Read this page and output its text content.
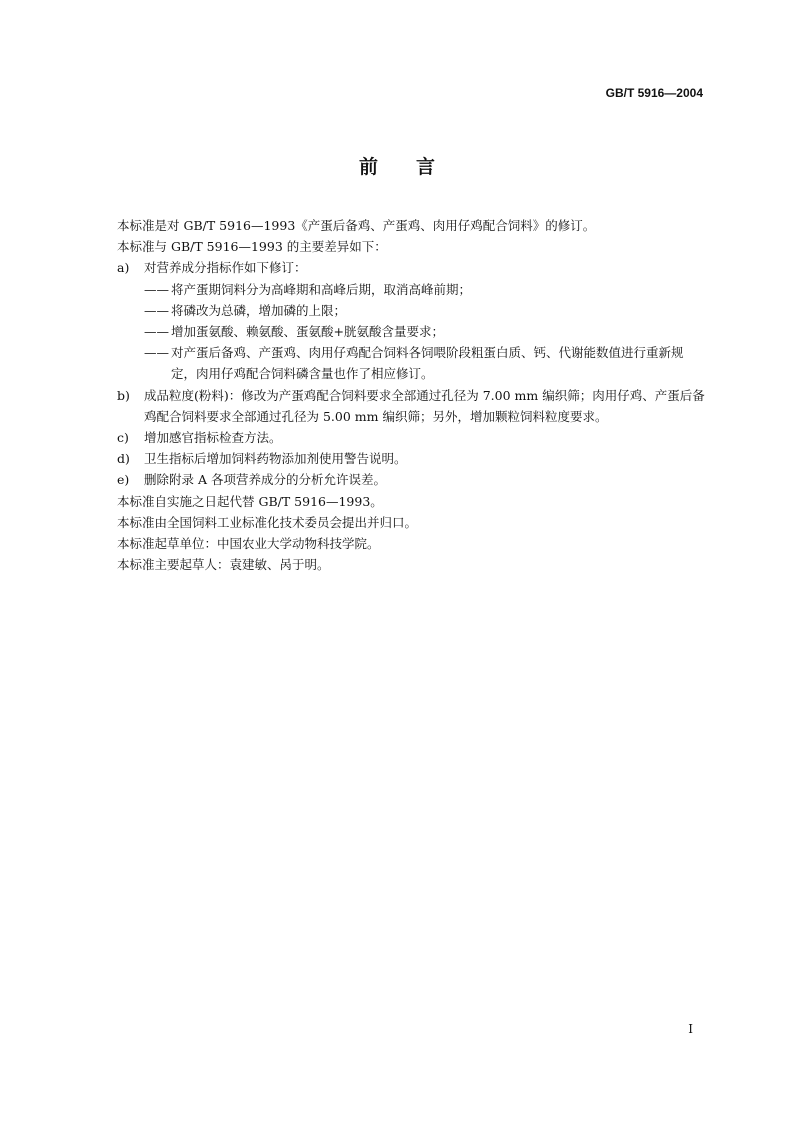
GB/T 5916—2004
前言

本标准是对 GB/T 5916—1993《产蛋后备鸡、产蛋鸡、肉用仔鸡配合饲料》的修订。

本标准与 GB/T 5916—1993 的主要差异如下：

a) 对营养成分指标作如下修订：
—— 将产蛋期饲料分为高峰期和高峰后期，取消高峰前期；
—— 将磷改为总磷，增加磷的上限；
—— 增加蛋氨酸、赖氨酸、蛋氨酸+胱氨酸含量要求；
—— 对产蛋后备鸡、产蛋鸡、肉用仔鸡配合饲料各饲喂阶段粗蛋白质、钙、代谢能数值进行重新规定，肉用仔鸡配合饲料磷含量也作了相应修订。
b) 成品粒度(粉料)：修改为产蛋鸡配合饲料要求全部通过孔径为 7.00 mm 编织筛；肉用仔鸡、产蛋后备鸡配合饲料要求全部通过孔径为 5.00 mm 编织筛；另外，增加颗粒饲料粒度要求。
c) 增加感官指标检查方法。
d) 卫生指标后增加饲料药物添加剂使用警告说明。
e) 删除附录 A 各项营养成分的分析允许误差。

本标准自实施之日起代替 GB/T 5916—1993。

本标准由全国饲料工业标准化技术委员会提出并归口。

本标准起草单位：中国农业大学动物科技学院。

本标准主要起草人：袁建敏、呙于明。

I
